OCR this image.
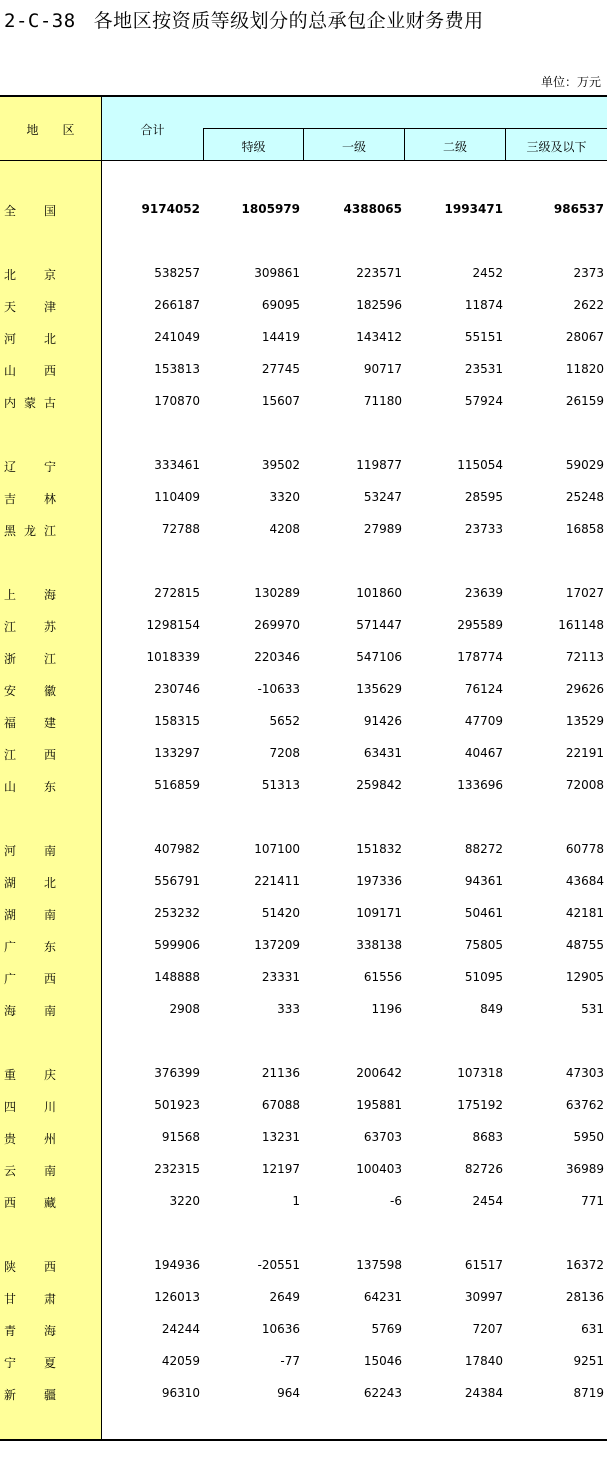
2-C-38 各地区按资质等级划分的总承包企业财务费用
单位：万元
地　　区	合计
特级	一级	二级	三级及以下
全 国	9174052	1805979	4388065	1993471	986537
北 京	538257	309861	223571	2452	2373
天 津	266187	69095	182596	11874	2622
河 北	241049	14419	143412	55151	28067
山 西	153813	27745	90717	23531	11820
内 蒙 古	170870	15607	71180	57924	26159
辽 宁	333461	39502	119877	115054	59029
吉 林	110409	3320	53247	28595	25248
黑 龙 江	72788	4208	27989	23733	16858
上 海	272815	130289	101860	23639	17027
江 苏	1298154	269970	571447	295589	161148
浙 江	1018339	220346	547106	178774	72113
安 徽	230746	-10633	135629	76124	29626
福 建	158315	5652	91426	47709	13529
江 西	133297	7208	63431	40467	22191
山 东	516859	51313	259842	133696	72008
河 南	407982	107100	151832	88272	60778
湖 北	556791	221411	197336	94361	43684
湖 南	253232	51420	109171	50461	42181
广 东	599906	137209	338138	75805	48755
广 西	148888	23331	61556	51095	12905
海 南	2908	333	1196	849	531
重 庆	376399	21136	200642	107318	47303
四 川	501923	67088	195881	175192	63762
贵 州	91568	13231	63703	8683	5950
云 南	232315	12197	100403	82726	36989
西 藏	3220	1	-6	2454	771
陕 西	194936	-20551	137598	61517	16372
甘 肃	126013	2649	64231	30997	28136
青 海	24244	10636	5769	7207	631
宁 夏	42059	-77	15046	17840	9251
新 疆	96310	964	62243	24384	8719
